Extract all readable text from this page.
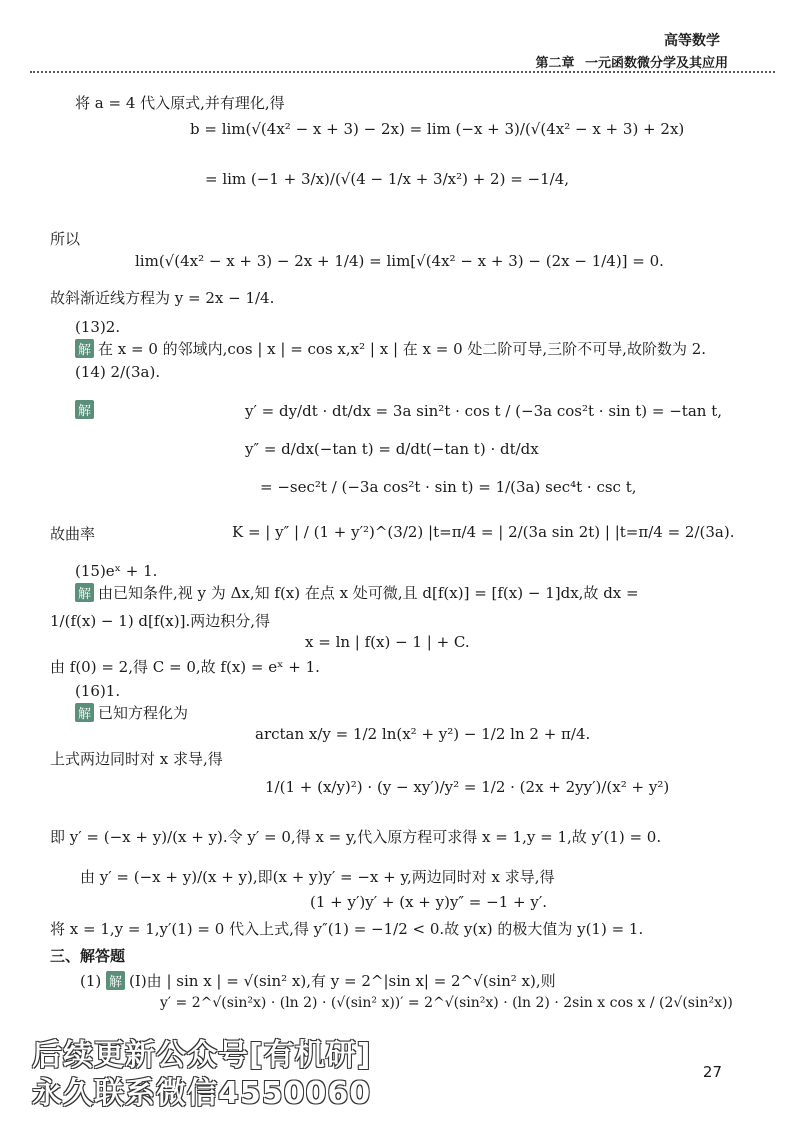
高等数学
第二章 一元函数微分学及其应用
将 a = 4 代入原式,并有理化,得
b = lim(√(4x² − x + 3) − 2x) = lim (−x + 3)/(√(4x² − x + 3) + 2x)
= lim (−1 + 3/x)/(√(4 − 1/x + 3/x²) + 2) = −1/4,
所以
lim(√(4x² − x + 3) − 2x + 1/4) = lim[√(4x² − x + 3) − (2x − 1/4)] = 0.
故斜渐近线方程为 y = 2x − 1/4.
(13)2.
解 在 x = 0 的邻域内,cos | x | = cos x,x² | x | 在 x = 0 处二阶可导,三阶不可导,故阶数为 2.
(14) 2/(3a).
解	y′ = dy/dt · dt/dx = 3a sin²t · cos t / (−3a cos²t · sin t) = −tan t,
y″ = d/dx(−tan t) = d/dt(−tan t) · dt/dx
= −sec²t / (−3a cos²t · sin t) = 1/(3a) sec⁴t · csc t,
故曲率	K = | y″ | / (1 + y′²)^(3/2) |t=π/4 = | 2/(3a sin 2t) | |t=π/4 = 2/(3a).
(15)eˣ + 1.
解 由已知条件,视 y 为 Δx,知 f(x) 在点 x 处可微,且 d[f(x)] = [f(x) − 1]dx,故 dx =
1/(f(x) − 1) d[f(x)].两边积分,得
x = ln | f(x) − 1 | + C.
由 f(0) = 2,得 C = 0,故 f(x) = eˣ + 1.
(16)1.
解 已知方程化为
arctan x/y = 1/2 ln(x² + y²) − 1/2 ln 2 + π/4.
上式两边同时对 x 求导,得
1/(1 + (x/y)²) · (y − xy′)/y² = 1/2 · (2x + 2yy′)/(x² + y²)
即 y′ = (−x + y)/(x + y).令 y′ = 0,得 x = y,代入原方程可求得 x = 1,y = 1,故 y′(1) = 0.
由 y′ = (−x + y)/(x + y),即(x + y)y′ = −x + y,两边同时对 x 求导,得
(1 + y′)y′ + (x + y)y″ = −1 + y′.
将 x = 1,y = 1,y′(1) = 0 代入上式,得 y″(1) = −1/2 < 0.故 y(x) 的极大值为 y(1) = 1.
三、解答题
(1) 解 (Ⅰ)由 | sin x | = √(sin² x),有 y = 2^|sin x| = 2^√(sin² x),则
y′ = 2^√(sin²x) · (ln 2) · (√(sin² x))′ = 2^√(sin²x) · (ln 2) · 2sin x cos x / (2√(sin²x))
后续更新公众号[有机研]
永久联系微信4550060
27
